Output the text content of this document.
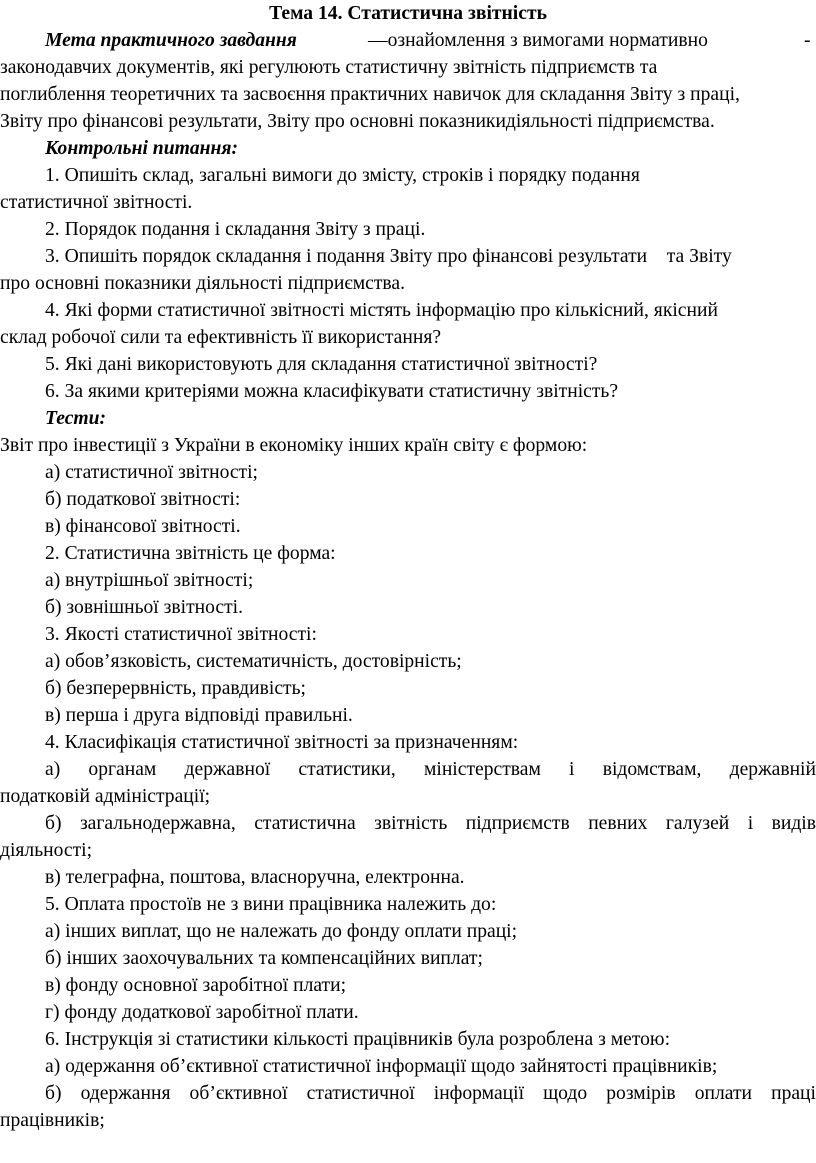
Тема 14. Статистична звітність
Мета практичного завдання	—ознайомлення з вимогами нормативно	-
законодавчих документів, які регулюють статистичну звітність підприємств та
поглиблення теоретичних та засвоєння практичних навичок для складання Звіту з праці,
Звіту про фінансові результати, Звіту про основні показникидіяльності підприємства.
Контрольні питання:
1. Опишіть склад, загальні вимоги до змісту, строків і порядку подання
статистичної звітності.
2. Порядок подання і складання Звіту з праці.
3. Опишіть порядок складання і подання Звіту про фінансові результати    та Звіту
про основні показники діяльності підприємства.
4. Які форми статистичної звітності містять інформацію про кількісний, якісний
склад робочої сили та ефективність її використання?
5. Які дані використовують для складання статистичної звітності?
6. За якими критеріями можна класифікувати статистичну звітність?
Тести:
Звіт про інвестиції з України в економіку інших країн світу є формою:
а) статистичної звітності;
б) податкової звітності:
в) фінансової звітності.
2. Статистична звітність це форма:
а) внутрішньої звітності;
б) зовнішньої звітності.
3. Якості статистичної звітності:
а) обов’язковість, систематичність, достовірність;
б) безперервність, правдивість;
в) перша і друга відповіді правильні.
4. Класифікація статистичної звітності за призначенням:
а) органам державної статистики, міністерствам і відомствам, державній
податковій адміністрації;
б) загальнодержавна, статистична звітність підприємств певних галузей і видів
діяльності;
в) телеграфна, поштова, власноручна, електронна.
5. Оплата простоїв не з вини працівника належить до:
а) інших виплат, що не належать до фонду оплати праці;
б) інших заохочувальних та компенсаційних виплат;
в) фонду основної заробітної плати;
г) фонду додаткової заробітної плати.
6. Інструкція зі статистики кількості працівників була розроблена з метою:
а) одержання об’єктивної статистичної інформації щодо зайнятості працівників;
б) одержання об’єктивної статистичної інформації щодо розмірів оплати праці
працівників;
